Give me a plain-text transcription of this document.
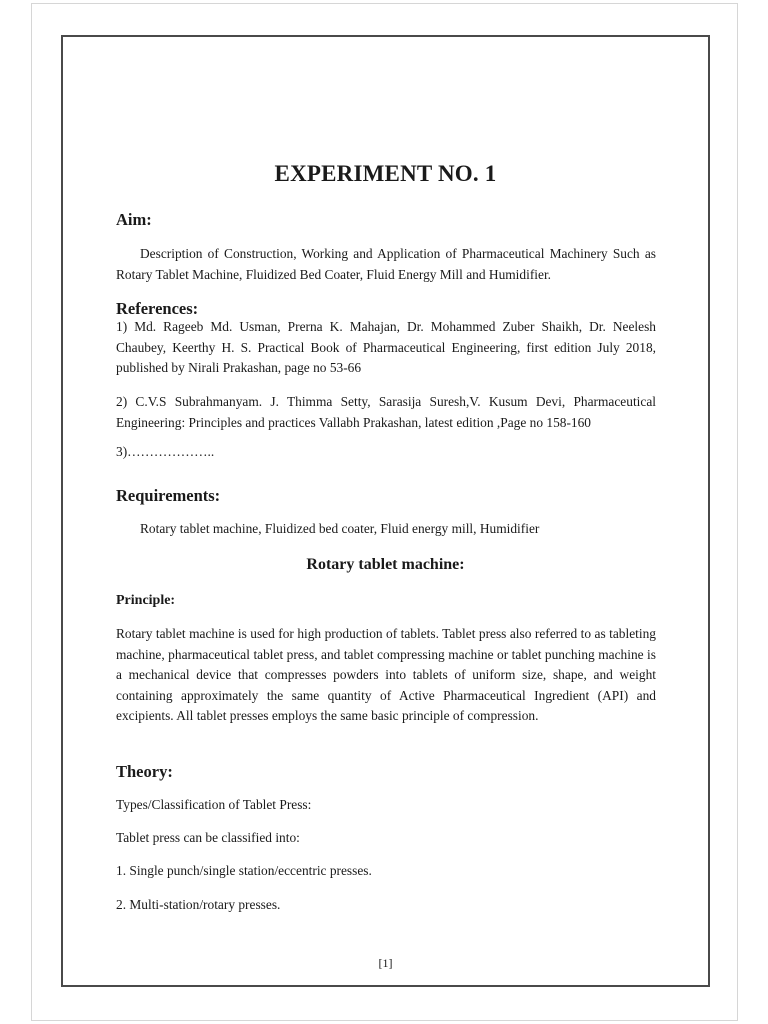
EXPERIMENT NO. 1
Aim:

Description of Construction, Working and Application of Pharmaceutical Machinery Such as Rotary Tablet Machine, Fluidized Bed Coater, Fluid Energy Mill and Humidifier.

References:

1) Md. Rageeb Md. Usman, Prerna K. Mahajan, Dr. Mohammed Zuber Shaikh, Dr. Neelesh Chaubey, Keerthy H. S. Practical Book of Pharmaceutical Engineering, first edition July 2018, published by Nirali Prakashan, page no 53-66

2) C.V.S Subrahmanyam. J. Thimma Setty, Sarasija Suresh,V. Kusum Devi, Pharmaceutical Engineering: Principles and practices Vallabh Prakashan, latest edition ,Page no 158-160

3)………………..

Requirements:

Rotary tablet machine, Fluidized bed coater, Fluid energy mill, Humidifier

Rotary tablet machine:
Principle:

Rotary tablet machine is used for high production of tablets. Tablet press also referred to as tableting machine, pharmaceutical tablet press, and tablet compressing machine or tablet punching machine is a mechanical device that compresses powders into tablets of uniform size, shape, and weight containing approximately the same quantity of Active Pharmaceutical Ingredient (API) and excipients. All tablet presses employs the same basic principle of compression.

Theory:

Types/Classification of Tablet Press:

Tablet press can be classified into:

1. Single punch/single station/eccentric presses.

2. Multi-station/rotary presses.

[1]
